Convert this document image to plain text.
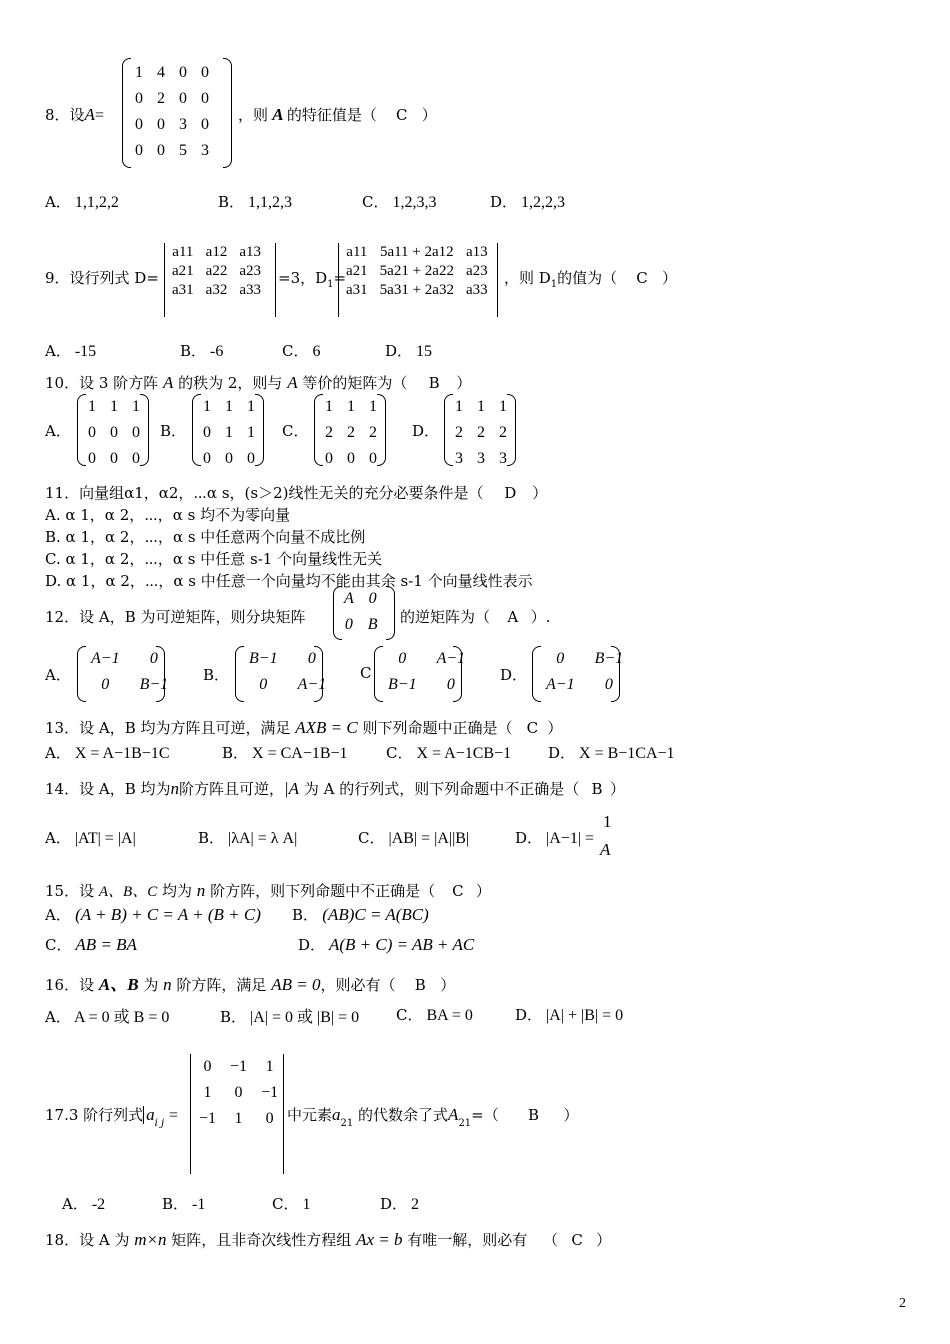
8．设A=
1	4	0	0
0	2	0	0
0	0	3	0
0	0	5	3
，则 A 的特征值是（ C ）
A． 1,1,2,2	B． 1,1,2,3	C． 1,2,3,3	D． 1,2,2,3
9．设行列式 D=
a11	a12	a13
a21	a22	a23
a31	a32	a33
=3，$D_1=$
a11	5a11 + 2a12	a13
a21	5a21 + 2a22	a23
a31	5a31 + 2a32	a33
，则 $D_1$的值为（ C ）
A． -15	B． -6	C． 6	D． 15
10．设 3 阶方阵 A 的秩为 2，则与 A 等价的矩阵为（ B ）
A．
1	1	1
0	0	0
0	0	0
B．
1	1	1
0	1	1
0	0	0
C．
1	1	1
2	2	2
0	0	0
D．
1	1	1
2	2	2
3	3	3
11．向量组α1，α2，⋯α s，(s＞2)线性无关的充分必要条件是（ D ）
A. α 1，α 2，⋯，α s 均不为零向量
B. α 1，α 2，⋯，α s 中任意两个向量不成比例
C. α 1，α 2，⋯，α s 中任意 s-1 个向量线性无关
D. α 1，α 2，⋯，α s 中任意一个向量均不能由其余 s-1 个向量线性表示
12．设 A，B 为可逆矩阵，则分块矩阵
A	0
0	B 的逆矩阵为（ A ）.
A．
A−1	0
0	B−1
B．
B−1	0
0	A−1
C
0	A−1
B−1	0
D．
0	B−1
A−1	0
13．设 A，B 均为方阵且可逆，满足 AXB = C 则下列命题中正确是（ C ）
A． X = A−1B−1C	B． X = CA−1B−1	C． X = A−1CB−1 D． X = B−1CA−1
14．设 A，B 均为n阶方阵且可逆，|A 为 A 的行列式，则下列命题中不正确是（ B ）
A． |AT| = |A|	B． |λA| = λ A|	C． |AB| = |A||B|	D． |A−1| =
1
A
15．设 A、B、C 均为 n 阶方阵，则下列命题中不正确是（ C ）
A． (A + B) + C = A + (B + C) B． (AB)C = A(BC)
C． AB = BA	D． A(B + C) = AB + AC
16．设 A、B 为 n 阶方阵，满足 AB = 0，则必有（ B ）
A． A = 0 或 B = 0	B． |A| = 0 或 |B| = 0 C． BA = 0	D． |A| + |B| = 0
17.3 阶行列式 $a_{i j}$ =
0	−1	1
1	0	−1
−1	1	0 中元素$a_{21}$ 的代数余了式$A_{21}=$（ B ）
A． -2	B． -1	C． 1	D． 2
18．设 A 为 m×n 矩阵，且非奇次线性方程组 Ax = b 有唯一解，则必有 （ C ）
2
